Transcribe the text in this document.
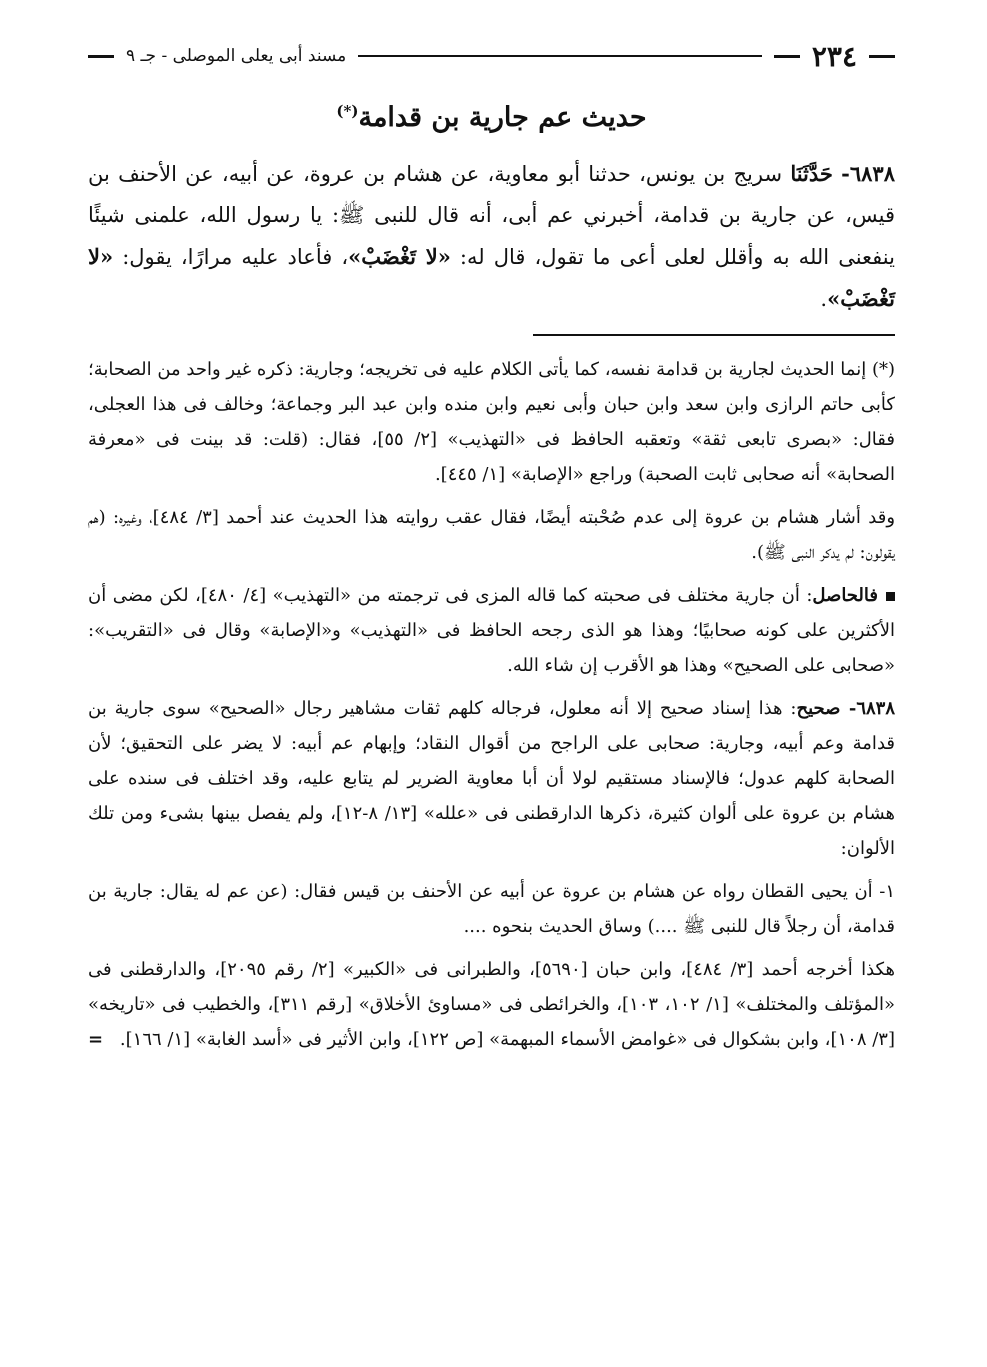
٢٣٤
مسند أبى يعلى الموصلى - جـ ٩
حديث عم جارية بن قدامة(*)

٦٨٣٨- حَدَّثَنَا سريج بن يونس، حدثنا أبو معاوية، عن هشام بن عروة، عن أبيه، عن الأحنف بن قيس، عن جارية بن قدامة، أخبرني عم أبى، أنه قال للنبى ﷺ: يا رسول الله، علمنى شيئًا ينفعنى الله به وأقلل لعلى أعى ما تقول، قال له: «لا تَغْضَبْ»، فأعاد عليه مرارًا، يقول: «لا تَغْضَبْ».

(*) إنما الحديث لجارية بن قدامة نفسه، كما يأتى الكلام عليه فى تخريجه؛ وجارية: ذكره غير واحد من الصحابة؛ كأبى حاتم الرازى وابن سعد وابن حبان وأبى نعيم وابن منده وابن عبد البر وجماعة؛ وخالف فى هذا العجلى، فقال: «بصرى تابعى ثقة» وتعقبه الحافظ فى «التهذيب» [٢/ ٥٥]، فقال: (قلت: قد بينت فى «معرفة الصحابة» أنه صحابى ثابت الصحبة) وراجع «الإصابة» [١/ ٤٤٥].

وقد أشار هشام بن عروة إلى عدم صُحْبته أيضًا، فقال عقب روايته هذا الحديث عند أحمد [٣/ ٤٨٤]، وغيره: (هم يقولون: لم يدكر النبى ﷺ).

فالحاصل: أن جارية مختلف فى صحبته كما قاله المزى فى ترجمته من «التهذيب» [٤/ ٤٨٠]، لكن مضى أن الأكثرين على كونه صحابيًا؛ وهذا هو الذى رجحه الحافظ فى «التهذيب» و«الإصابة» وقال فى «التقريب»: «صحابى على الصحيح» وهذا هو الأقرب إن شاء الله.

٦٨٣٨- صحيح: هذا إسناد صحيح إلا أنه معلول، فرجاله كلهم ثقات مشاهير رجال «الصحيح» سوى جارية بن قدامة وعم أبيه، وجارية: صحابى على الراجح من أقوال النقاد؛ وإبهام عم أبيه: لا يضر على التحقيق؛ لأن الصحابة كلهم عدول؛ فالإسناد مستقيم لولا أن أبا معاوية الضرير لم يتابع عليه، وقد اختلف فى سنده على هشام بن عروة على ألوان كثيرة، ذكرها الدارقطنى فى «علله» [١٣/ ٨-١٢]، ولم يفصل بينها بشىء ومن تلك الألوان:

١- أن يحيى القطان رواه عن هشام بن عروة عن أبيه عن الأحنف بن قيس فقال: (عن عم له يقال: جارية بن قدامة، أن رجلاً قال للنبى ﷺ ....) وساق الحديث بنحوه ....

هكذا أخرجه أحمد [٣/ ٤٨٤]، وابن حبان [٥٦٩٠]، والطبرانى فى «الكبير» [٢/ رقم ٢٠٩٥]، والدارقطنى فى «المؤتلف والمختلف» [١/ ١٠٢، ١٠٣]، والخرائطى فى «مساوئ الأخلاق» [رقم ٣١١]، والخطيب فى «تاريخه» [٣/ ١٠٨]، وابن بشكوال فى «غوامض الأسماء المبهمة» [ص ١٢٢]، وابن الأثير فى «أسد الغابة» [١/ ١٦٦].
=
